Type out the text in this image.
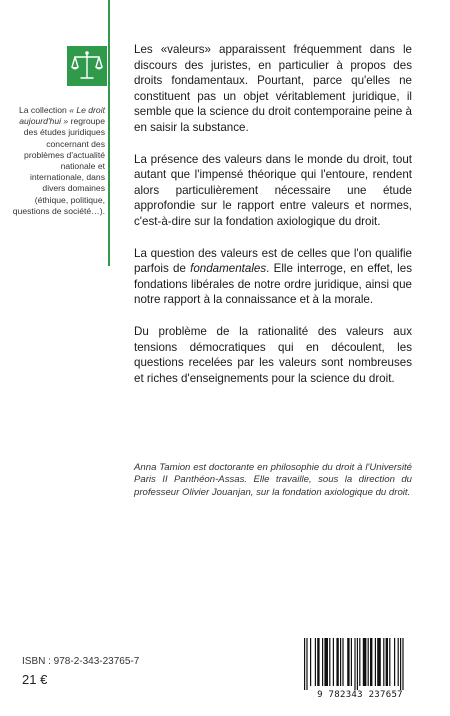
La collection « Le droit aujourd'hui » regroupe des études juridiques concernant des problèmes d'actualité nationale et internationale, dans divers domaines (éthique, politique, questions de société…).

Les «valeurs» apparaissent fréquemment dans le discours des juristes, en particulier à propos des droits fondamentaux. Pourtant, parce qu'elles ne constituent pas un objet véritablement juridique, il semble que la science du droit contemporaine peine à en saisir la substance.

La présence des valeurs dans le monde du droit, tout autant que l'impensé théorique qui l'entoure, rendent alors particulièrement nécessaire une étude approfondie sur le rapport entre valeurs et normes, c'est-à-dire sur la fondation axiologique du droit.

La question des valeurs est de celles que l'on qualifie parfois de fondamentales. Elle interroge, en effet, les fondations libérales de notre ordre juridique, ainsi que notre rapport à la connaissance et à la morale.

Du problème de la rationalité des valeurs aux tensions démocratiques qui en découlent, les questions recelées par les valeurs sont nombreuses et riches d'enseignements pour la science du droit.

Anna Tamion est doctorante en philosophie du droit à l'Université Paris II Panthéon-Assas. Elle travaille, sous la direction du professeur Olivier Jouanjan, sur la fondation axiologique du droit.
ISBN : 978-2-343-23765-7
21 €
9 782343 237657
